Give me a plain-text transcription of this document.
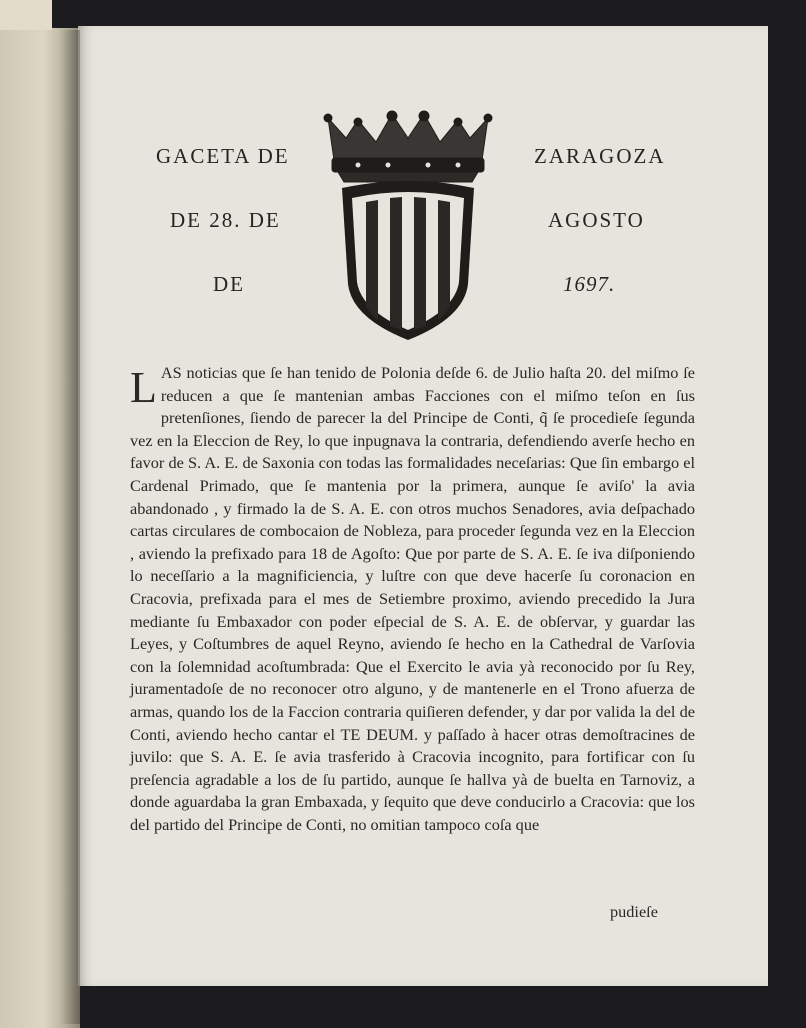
GACETA DE	ZARAGOZA
DE 28. DE	AGOSTO
DE	1697.
L AS noticias que ſe han tenido de Polonia deſde 6. de Julio haſta 20. del miſmo ſe reducen a que ſe mantenian ambas Facciones con el miſmo teſon en ſus pretenſiones, ſiendo de parecer la del Principe de Conti, q̃ ſe procedieſe ſegunda vez en la Eleccion de Rey, lo que inpugnava la contraria, defendiendo averſe hecho en favor de S. A. E. de Saxonia con todas las formalidades neceſarias: Que ſin embargo el Cardenal Primado, que ſe mantenia por la primera, aunque ſe aviſo' la avia abandonado , y firmado la de S. A. E. con otros muchos Senadores, avia deſpachado cartas circulares de combocaion de Nobleza, para proceder ſegunda vez en la Eleccion , aviendo la prefixado para 18 de Agoſto: Que por parte de S. A. E. ſe iva diſponiendo lo neceſſario a la magnificiencia, y luſtre con que deve hacerſe ſu coronacion en Cracovia, prefixada para el mes de Setiembre proximo, aviendo precedido la Jura mediante ſu Embaxador con poder eſpecial de S. A. E. de obſervar, y guardar las Leyes, y Coſtumbres de aquel Reyno, aviendo ſe hecho en la Cathedral de Varſovia con la ſolemnidad acoſtumbrada: Que el Exercito le avia yà reconocido por ſu Rey, juramentadoſe de no reconocer otro alguno, y de mantenerle en el Trono afuerza de armas, quando los de la Faccion contraria quiſieren defender, y dar por valida la del de Conti, aviendo hecho cantar el TE DEUM. y paſſado à hacer otras demoſtracines de juvilo: que S. A. E. ſe avia trasferido à Cracovia incognito, para fortificar con ſu preſencia agradable a los de ſu partido, aunque ſe hallva yà de buelta en Tarnoviz, a donde aguardaba la gran Embaxada, y ſequito que deve conducirlo a Cracovia: que los del partido del Principe de Conti, no omitian tampoco coſa que
pudieſe
